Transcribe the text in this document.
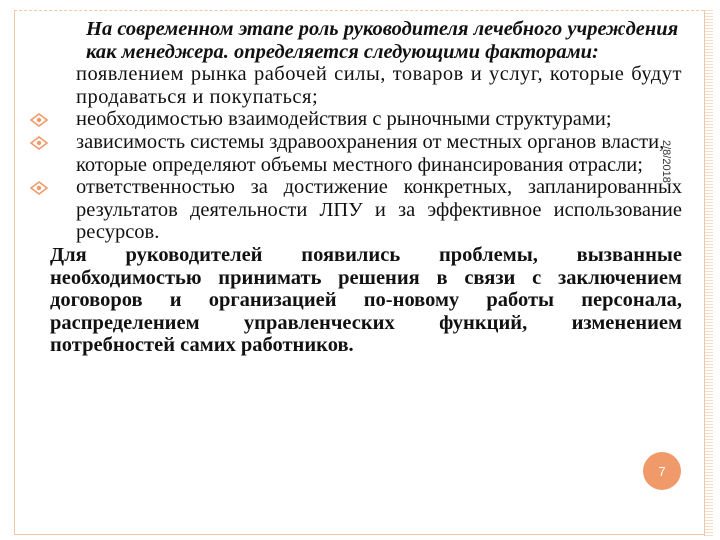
2/8/2018
На современном этапе роль руководителя лечебного учреждения как менеджера. определяется следующими факторами:
появлением рынка рабочей силы, товаров и услуг, которые будут продаваться и покупаться;
необходимостью взаимодействия с рыночными структурами;
зависимость системы здравоохранения от местных органов власти, которые определяют объемы местного финансирования отрасли;
ответственностью за достижение конкретных, запланированных результатов деятельности ЛПУ и за эффективное использование ресурсов.
Для руководителей появились проблемы, вызванные необходимостью принимать решения в связи с заключением договоров и организацией по-новому работы персонала, распределением управленческих функций, изменением потребностей самих работников.
7
